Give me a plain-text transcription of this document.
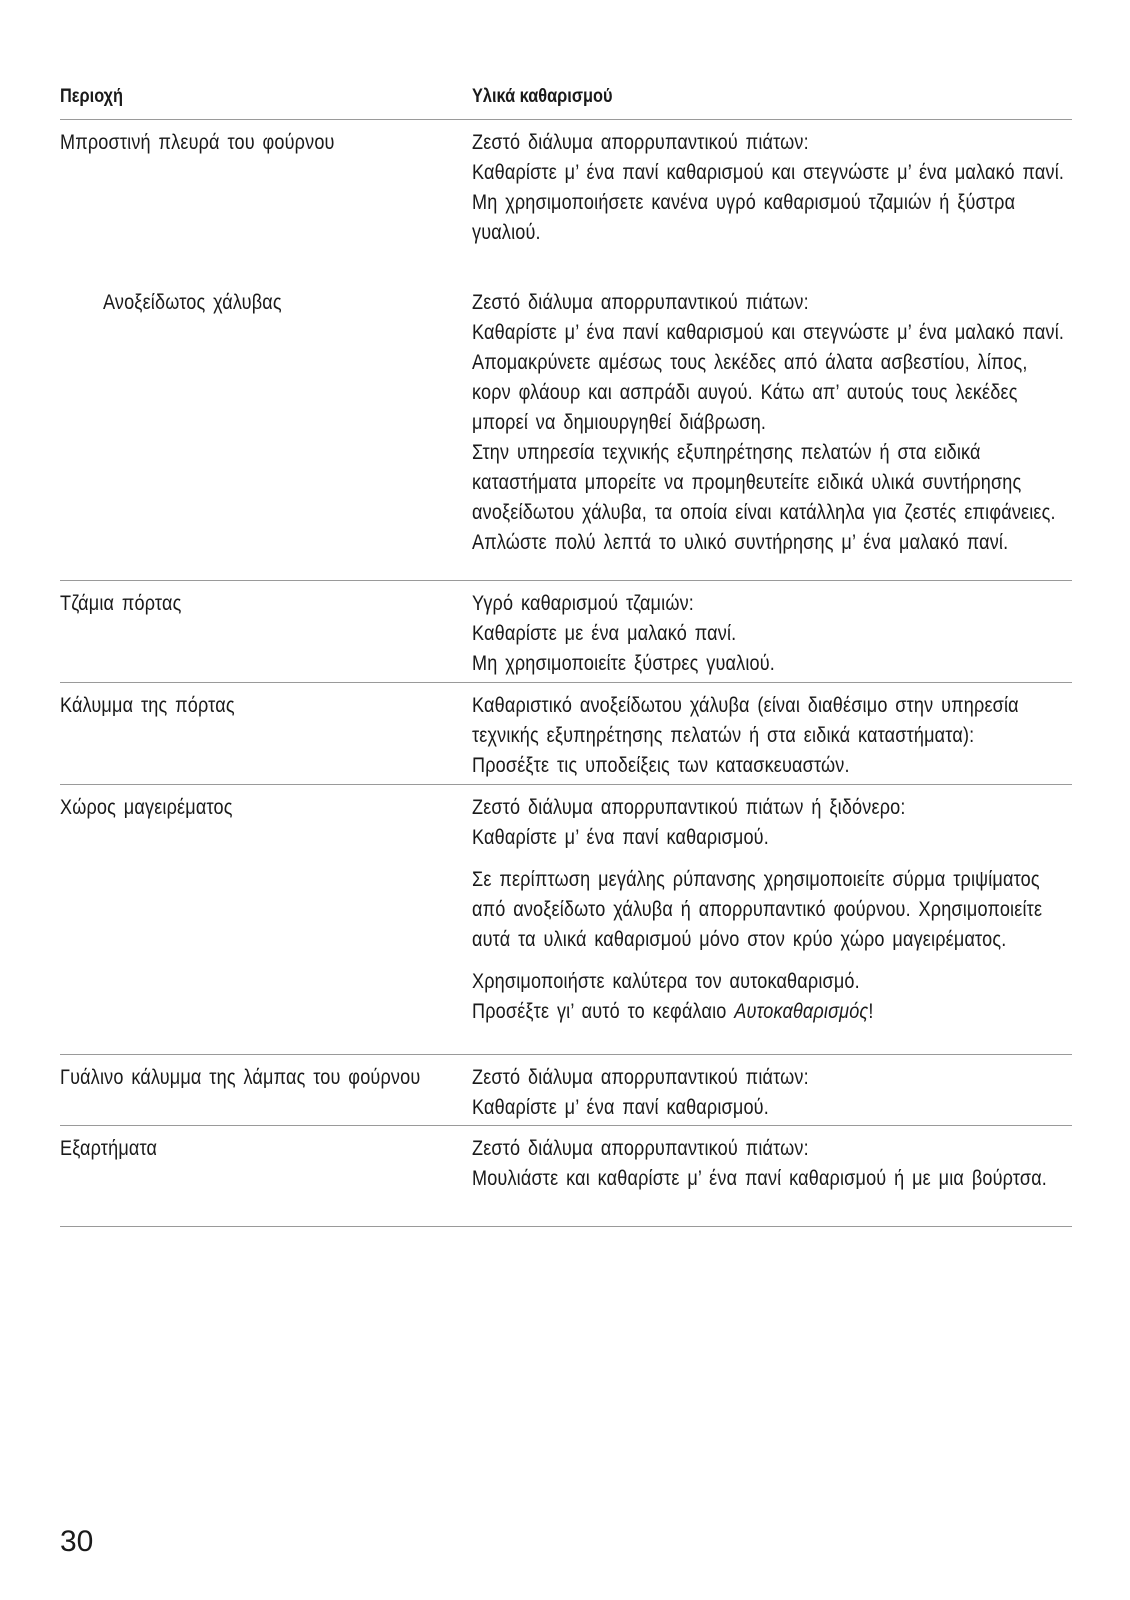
Περιοχή	Υλικά καθαρισμού
Μπροστινή πλευρά του φούρνου	Ζεστό διάλυμα απορρυπαντικού πιάτων:

Καθαρίστε μ’ ένα πανί καθαρισμού και στεγνώστε μ’ ένα μαλακό πανί.

Μη χρησιμοποιήσετε κανένα υγρό καθαρισμού τζαμιών ή ξύστρα γυαλιού.

Ανοξείδωτος χάλυβας	Ζεστό διάλυμα απορρυπαντικού πιάτων:

Καθαρίστε μ’ ένα πανί καθαρισμού και στεγνώστε μ’ ένα μαλακό πανί. Απομακρύνετε αμέσως τους λεκέδες από άλατα ασβεστίου, λίπος, κορν φλάουρ και ασπράδι αυγού. Κάτω απ’ αυτούς τους λεκέδες μπορεί να δημιουργηθεί διάβρωση.

Στην υπηρεσία τεχνικής εξυπηρέτησης πελατών ή στα ειδικά καταστήματα μπορείτε να προμηθευτείτε ειδικά υλικά συντήρησης ανοξείδωτου χάλυβα, τα οποία είναι κατάλληλα για ζεστές επιφάνειες. Απλώστε πολύ λεπτά το υλικό συντήρησης μ’ ένα μαλακό πανί.

Τζάμια πόρτας	Υγρό καθαρισμού τζαμιών:

Καθαρίστε με ένα μαλακό πανί.

Μη χρησιμοποιείτε ξύστρες γυαλιού.

Κάλυμμα της πόρτας	Καθαριστικό ανοξείδωτου χάλυβα (είναι διαθέσιμο στην υπηρεσία τεχνικής εξυπηρέτησης πελατών ή στα ειδικά καταστήματα):

Προσέξτε τις υποδείξεις των κατασκευαστών.

Χώρος μαγειρέματος	Ζεστό διάλυμα απορρυπαντικού πιάτων ή ξιδόνερο:

Καθαρίστε μ’ ένα πανί καθαρισμού.

Σε περίπτωση μεγάλης ρύπανσης χρησιμοποιείτε σύρμα τριψίματος από ανοξείδωτο χάλυβα ή απορρυπαντικό φούρνου. Χρησιμοποιείτε αυτά τα υλικά καθαρισμού μόνο στον κρύο χώρο μαγειρέματος.

Χρησιμοποιήστε καλύτερα τον αυτοκαθαρισμό.

Προσέξτε γι’ αυτό το κεφάλαιο Αυτοκαθαρισμός!

Γυάλινο κάλυμμα της λάμπας του φούρνου	Ζεστό διάλυμα απορρυπαντικού πιάτων:

Καθαρίστε μ’ ένα πανί καθαρισμού.

Εξαρτήματα	Ζεστό διάλυμα απορρυπαντικού πιάτων:

Μουλιάστε και καθαρίστε μ’ ένα πανί καθαρισμού ή με μια βούρτσα.

30
